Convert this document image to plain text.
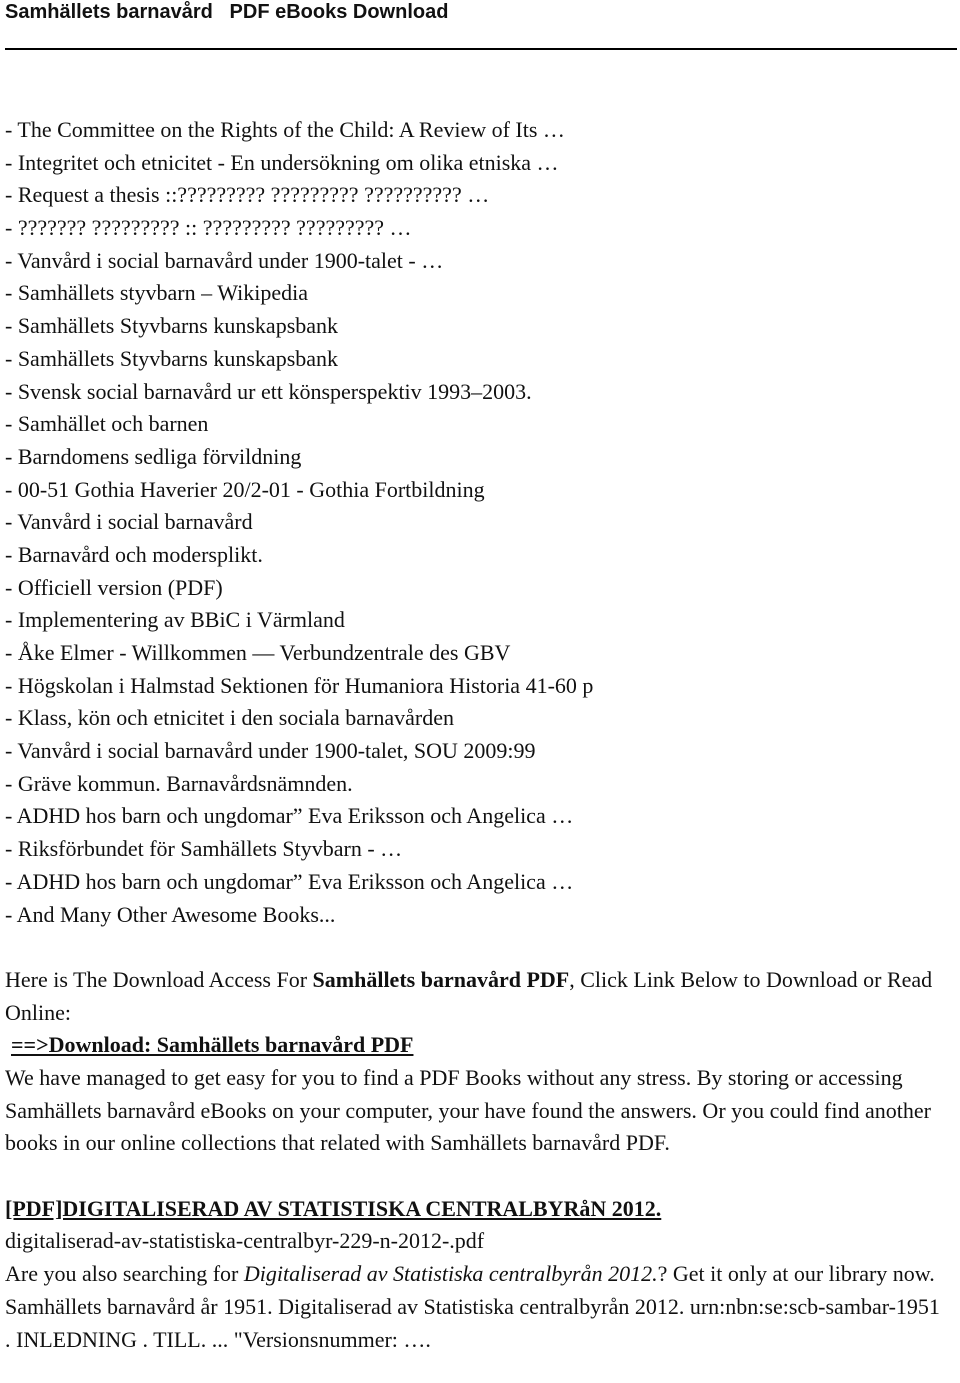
Samhällets barnavård   PDF eBooks Download
- The Committee on the Rights of the Child: A Review of Its …
- Integritet och etnicitet - En undersökning om olika etniska …
- Request a thesis ::????????? ????????? ?????????? …
- ??????? ????????? :: ????????? ????????? …
- Vanvård i social barnavård under 1900-talet - …
- Samhällets styvbarn – Wikipedia
- Samhällets Styvbarns kunskapsbank
- Samhällets Styvbarns kunskapsbank
- Svensk social barnavård ur ett könsperspektiv 1993–2003.
- Samhället och barnen
- Barndomens sedliga förvildning
- 00-51 Gothia Haverier 20/2-01 - Gothia Fortbildning
- Vanvård i social barnavård
- Barnavård och modersplikt.
- Officiell version (PDF)
- Implementering av BBiC i Värmland
- Åke Elmer - Willkommen — Verbundzentrale des GBV
- Högskolan i Halmstad Sektionen för Humaniora Historia 41-60 p
- Klass, kön och etnicitet i den sociala barnavården
- Vanvård i social barnavård under 1900-talet, SOU 2009:99
- Gräve kommun. Barnavårdsnämnden.
- ADHD hos barn och ungdomar” Eva Eriksson och Angelica …
- Riksförbundet för Samhällets Styvbarn - …
- ADHD hos barn och ungdomar” Eva Eriksson och Angelica …
- And Many Other Awesome Books...
Here is The Download Access For Samhällets barnavård PDF, Click Link Below to Download or Read Online:
==>Download: Samhällets barnavård PDF
We have managed to get easy for you to find a PDF Books without any stress. By storing or accessing Samhällets barnavård eBooks on your computer, your have found the answers. Or you could find another books in our online collections that related with Samhällets barnavård PDF.
[PDF]DIGITALISERAD AV STATISTISKA CENTRALBYRåN 2012.
digitaliserad-av-statistiska-centralbyr-229-n-2012-.pdf
Are you also searching for Digitaliserad av Statistiska centralbyrån 2012.? Get it only at our library now. Samhällets barnavård år 1951. Digitaliserad av Statistiska centralbyrån 2012. urn:nbn:se:scb-sambar-1951 . INLEDNING . TILL. ... "Versionsnummer: ….
